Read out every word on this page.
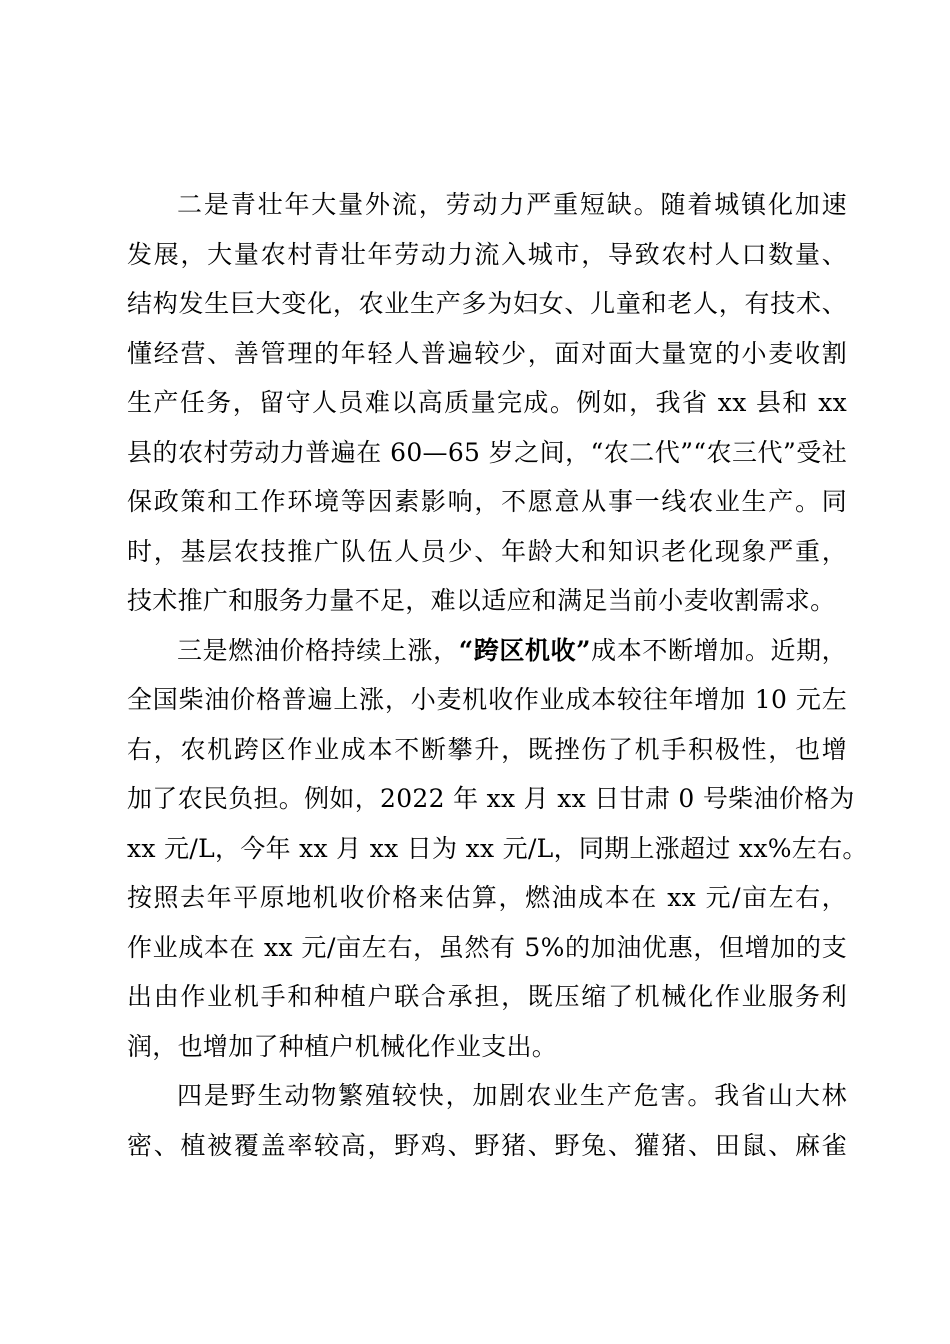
二是青壮年大量外流，劳动力严重短缺。随着城镇化加速
发展，大量农村青壮年劳动力流入城市，导致农村人口数量、
结构发生巨大变化，农业生产多为妇女、儿童和老人，有技术、
懂经营、善管理的年轻人普遍较少，面对面大量宽的小麦收割
生产任务，留守人员难以高质量完成。例如，我省 xx 县和 xx
县的农村劳动力普遍在 60—65 岁之间，“农二代”“农三代”受社
保政策和工作环境等因素影响，不愿意从事一线农业生产。同
时，基层农技推广队伍人员少、年龄大和知识老化现象严重，
技术推广和服务力量不足，难以适应和满足当前小麦收割需求。
三是燃油价格持续上涨，“跨区机收”成本不断增加。近期，
全国柴油价格普遍上涨，小麦机收作业成本较往年增加 10 元左
右，农机跨区作业成本不断攀升，既挫伤了机手积极性，也增
加了农民负担。例如，2022 年 xx 月 xx 日甘肃 0 号柴油价格为
xx 元/L，今年 xx 月 xx 日为 xx 元/L，同期上涨超过 xx%左右。
按照去年平原地机收价格来估算，燃油成本在 xx 元/亩左右，
作业成本在 xx 元/亩左右，虽然有 5%的加油优惠，但增加的支
出由作业机手和种植户联合承担，既压缩了机械化作业服务利
润，也增加了种植户机械化作业支出。
四是野生动物繁殖较快，加剧农业生产危害。我省山大林
密、植被覆盖率较高，野鸡、野猪、野兔、獾猪、田鼠、麻雀
